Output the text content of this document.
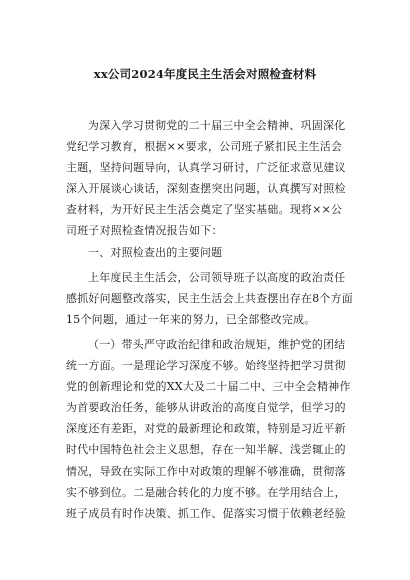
xx公司2024年度民主生活会对照检查材料

为深入学习贯彻党的二十届三中全会精神、巩固深化

党纪学习教育，根据××要求，公司班子紧扣民主生活会

主题，坚持问题导向，认真学习研讨，广泛征求意见建议

深入开展谈心谈话，深刻查摆突出问题，认真撰写对照检

查材料，为开好民主生活会奠定了坚实基础。现将××公

司班子对照检查情况报告如下：

一、对照检查出的主要问题

上年度民主生活会，公司领导班子以高度的政治责任

感抓好问题整改落实，民主生活会上共查摆出存在8个方面

15个问题，通过一年来的努力，已全部整改完成。

（一）带头严守政治纪律和政治规矩，维护党的团结

统一方面。一是理论学习深度不够。始终坚持把学习贯彻

党的创新理论和党的XX大及二十届二中、三中全会精神作

为首要政治任务，能够从讲政治的高度自觉学，但学习的

深度还有差距，对党的最新理论和政策，特别是习近平新

时代中国特色社会主义思想，存在一知半解、浅尝辄止的

情况，导致在实际工作中对政策的理解不够准确，贯彻落

实不够到位。二是融合转化的力度不够。在学用结合上，

班子成员有时作决策、抓工作、促落实习惯于依赖老经验
